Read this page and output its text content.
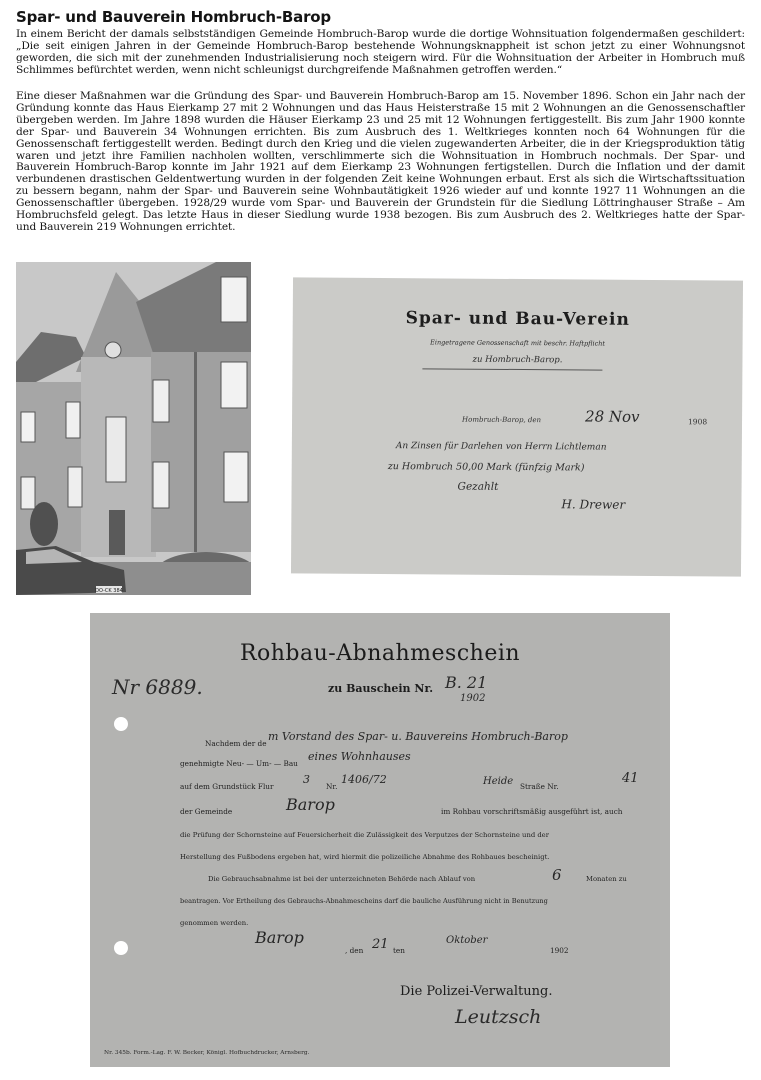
Spar- und Bauverein Hombruch-Barop
In einem Bericht der damals selbstständigen Gemeinde Hombruch-Barop wurde die dortige Wohnsituation folgendermaßen geschildert: „Die seit einigen Jahren in der Gemeinde Hombruch-Barop bestehende Wohnungsknappheit ist schon jetzt zu einer Wohnungsnot geworden, die sich mit der zunehmenden Industrialisierung noch steigern wird. Für die Wohnsituation der Arbeiter in Hombruch muß Schlimmes befürchtet werden, wenn nicht schleunigst durchgreifende Maßnahmen getroffen werden.“
Eine dieser Maßnahmen war die Gründung des Spar- und Bauverein Hombruch-Barop am 15. November 1896. Schon ein Jahr nach der Gründung konnte das Haus Eierkamp 27 mit 2 Wohnungen und das Haus Heisterstraße 15 mit 2 Wohnungen an die Genossenschaftler übergeben werden. Im Jahre 1898 wurden die Häuser Eierkamp 23 und 25 mit 12 Wohnungen fertiggestellt. Bis zum Jahr 1900 konnte der Spar- und Bauverein 34 Wohnungen errichten. Bis zum Ausbruch des 1. Weltkrieges konnten noch 64 Wohnungen für die Genossenschaft fertiggestellt werden. Bedingt durch den Krieg und die vielen zugewanderten Arbeiter, die in der Kriegsproduktion tätig waren und jetzt ihre Familien nachholen wollten, verschlimmerte sich die Wohnsituation in Hombruch nochmals. Der Spar- und Bauverein Hombruch-Barop konnte im Jahr 1921 auf dem Eierkamp 23 Wohnungen fertigstellen. Durch die Inflation und der damit verbundenen drastischen Geldentwertung wurden in der folgenden Zeit keine Wohnungen erbaut. Erst als sich die Wirtschaftssituation zu bessern begann, nahm der Spar- und Bauverein seine Wohnbautätigkeit 1926 wieder auf und konnte 1927 11 Wohnungen an die Genossenschaftler übergeben. 1928/29 wurde vom Spar- und Bauverein der Grundstein für die Siedlung Löttringhauser Straße – Am Hombruchsfeld gelegt. Das letzte Haus in dieser Siedlung wurde 1938 bezogen. Bis zum Ausbruch des 2. Weltkrieges hatte der Spar- und Bauverein 219 Wohnungen errichtet.
DO-CK 384
Spar- und Bau-Verein
Eingetragene Genossenschaft mit beschr. Haftpflicht
zu Hombruch-Barop.
Hombruch-Barop, den	28 Nov	1908
An Zinsen für Darlehen von Herrn Lichtleman
zu Hombruch 50,00 Mark (fünfzig Mark)
Gezahlt
H. Drewer
Rohbau-Abnahmeschein
Nr 6889.	zu Bauschein Nr. B. 21
1902
Nachdem der de
m Vorstand des Spar- u. Bauvereins Hombruch-Barop
genehmigte Neu- — Um- — Bau
eines Wohnhauses
auf dem Grundstück Flur
3
Nr.
1406/72	Heide Straße Nr.
41
der Gemeinde	Barop	im Rohbau vorschriftsmäßig ausgeführt ist, auch
die Prüfung der Schornsteine auf Feuersicherheit die Zulässigkeit des Verputzes der Schornsteine und der
Herstellung des Fußbodens ergeben hat, wird hiermit die polizeiliche Abnahme des Rohbaues bescheinigt.
Die Gebrauchsabnahme ist bei der unterzeichneten Behörde nach Ablauf von	6	Monaten zu
beantragen. Vor Ertheilung des Gebrauchs-Abnahmescheins darf die bauliche Ausführung nicht in Benutzung
genommen werden.
Barop
, den 21 ten
Oktober
1902
Die Polizei-Verwaltung.
Leutzsch
Nr. 345b. Form.-Lag. F. W. Becker, Königl. Hofbuchdrucker, Arnsberg.
